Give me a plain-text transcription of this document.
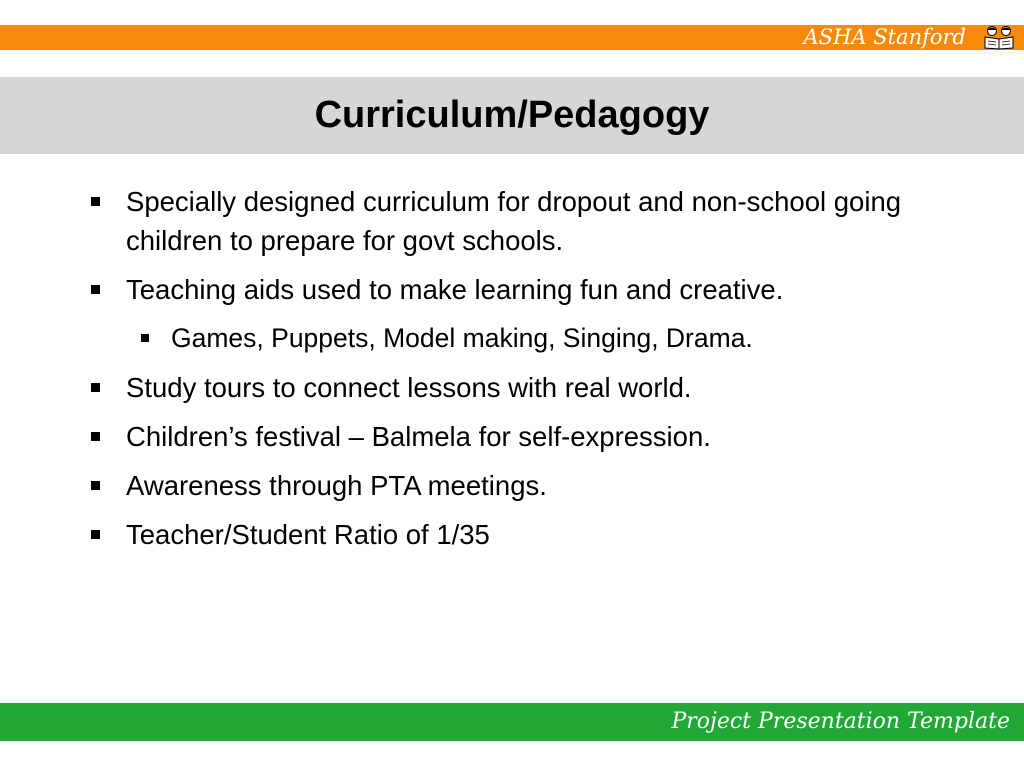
ASHA Stanford
Curriculum/Pedagogy
Specially designed curriculum for dropout and non-school going children to prepare for govt schools.
Teaching aids used to make learning fun and creative.
Games, Puppets, Model making, Singing, Drama.
Study tours to connect lessons with real world.
Children’s festival – Balmela for self-expression.
Awareness through PTA meetings.
Teacher/Student Ratio of 1/35
Project Presentation Template
